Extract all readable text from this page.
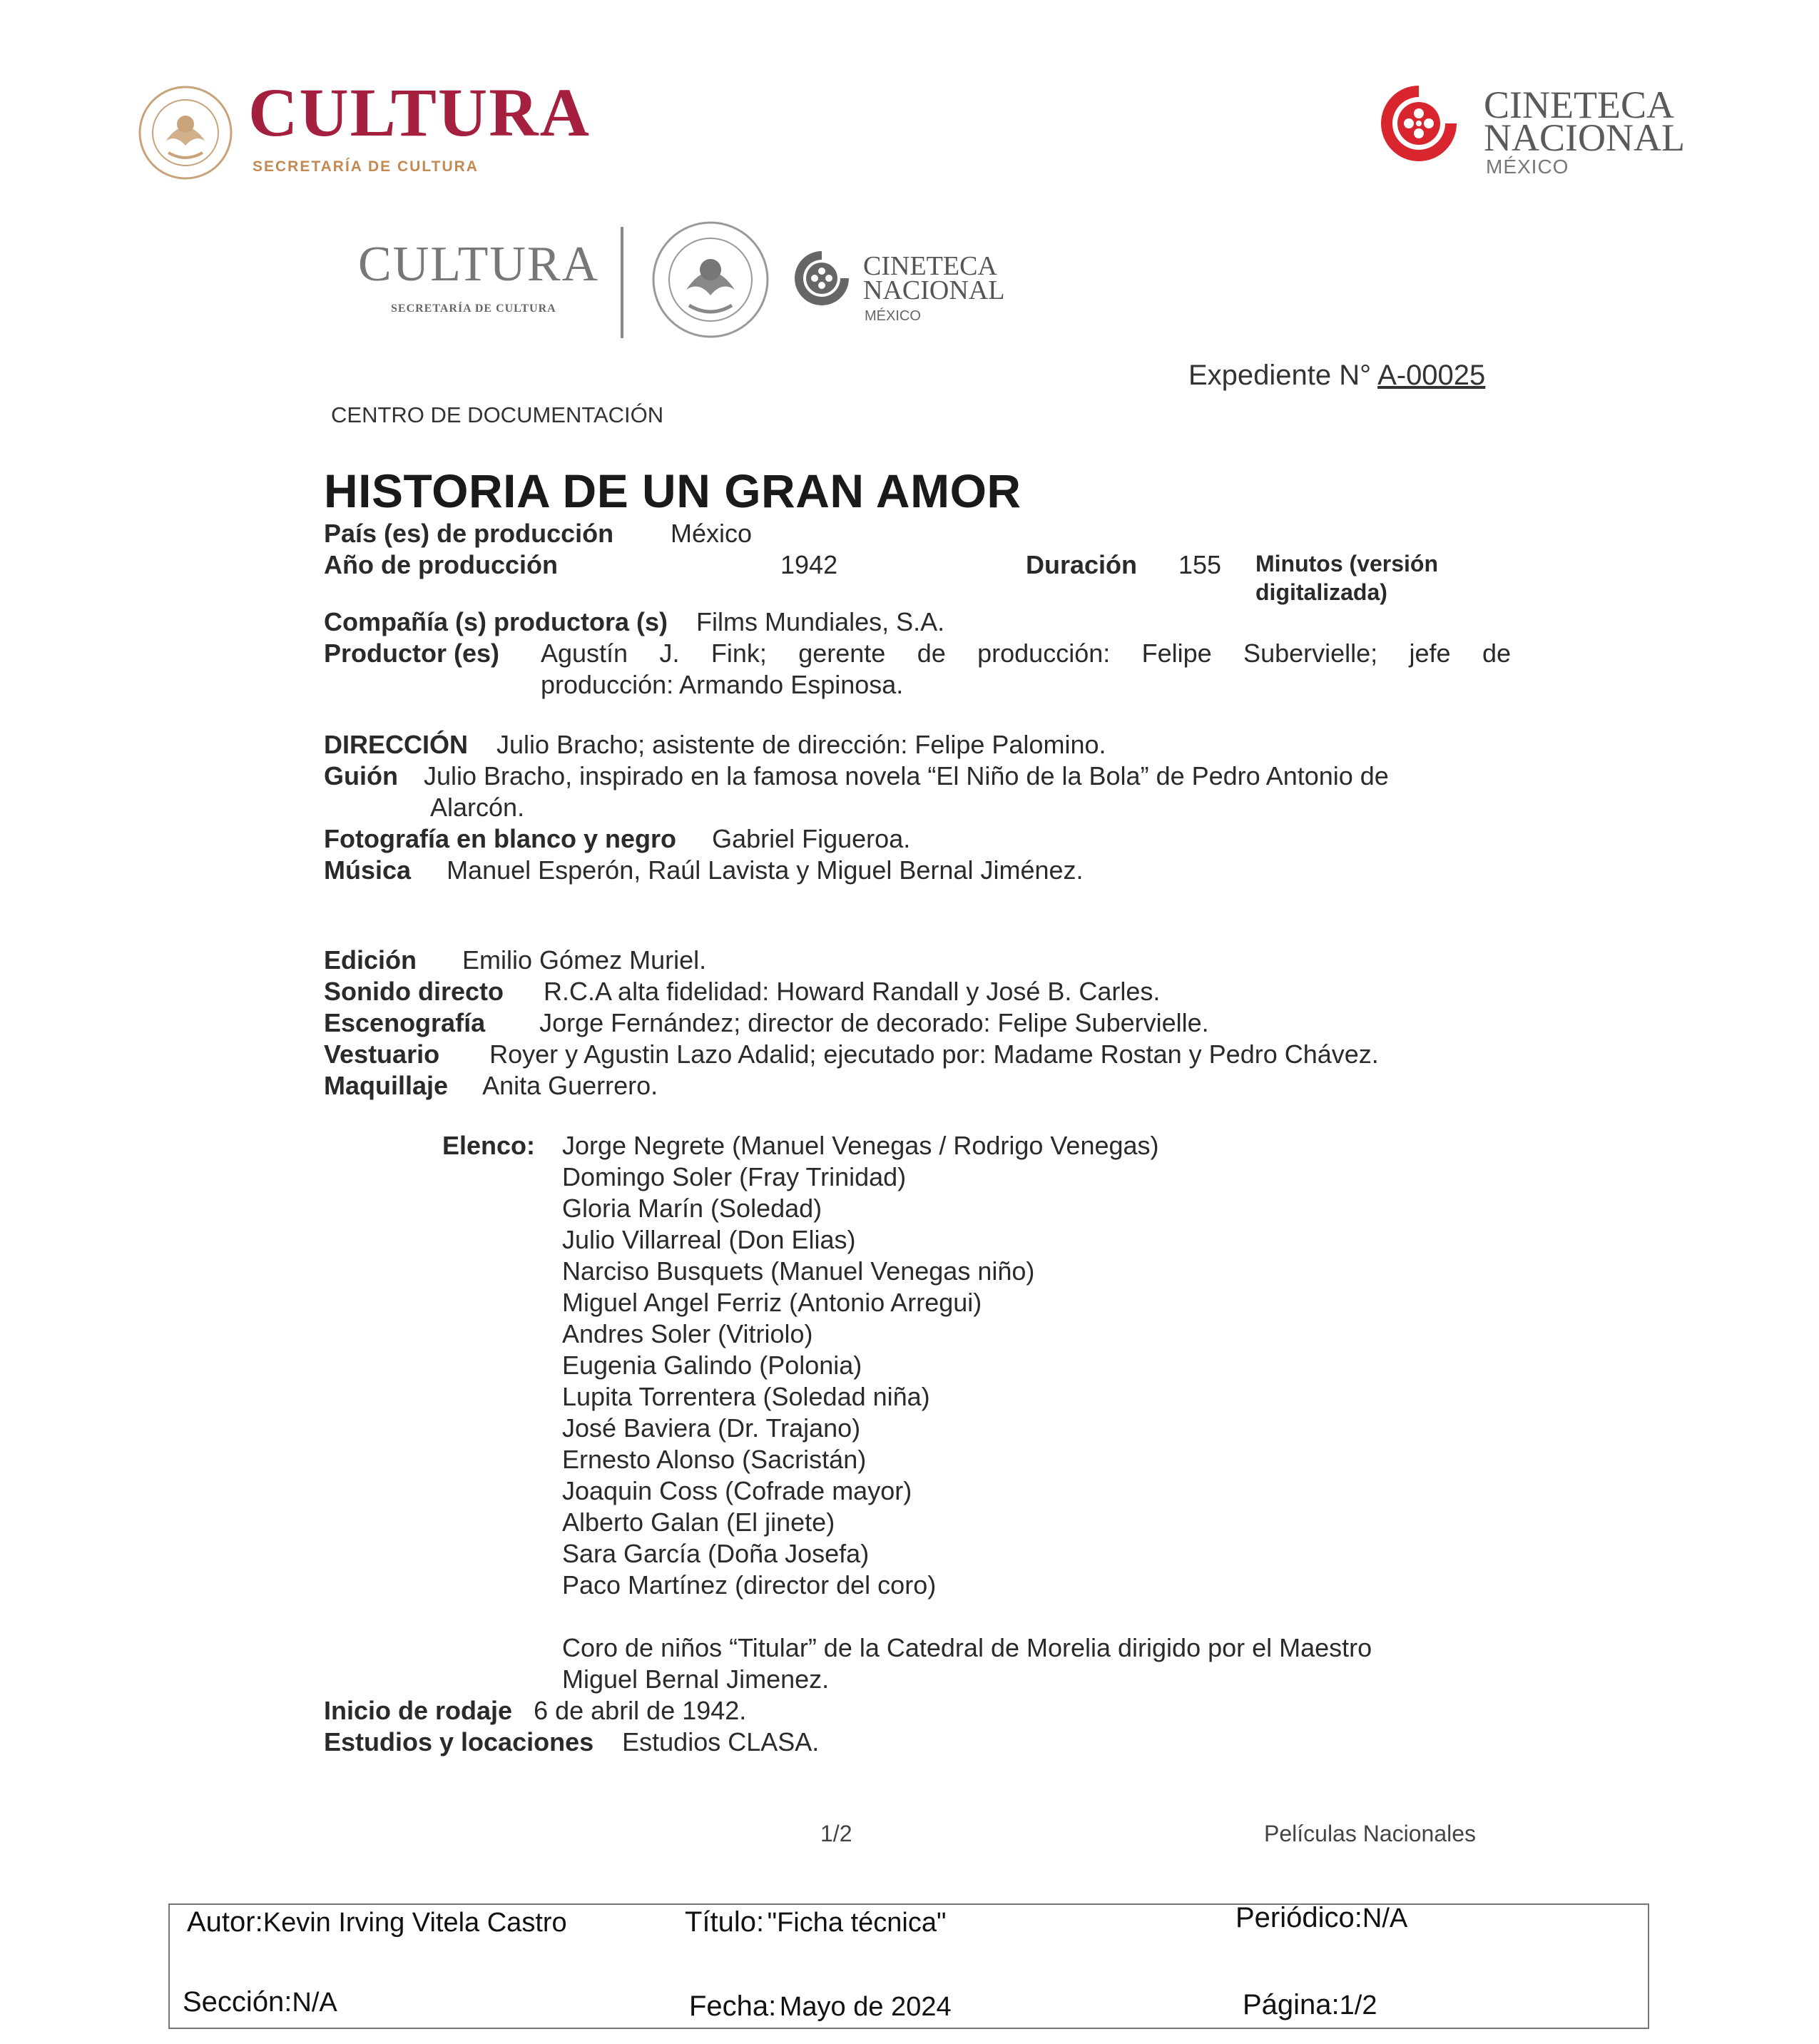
CULTURA
SECRETARÍA DE CULTURA
CINETECA
NACIONAL
MÉXICO
CULTURA
SECRETARÍA DE CULTURA
CINETECA
NACIONAL
MÉXICO
Expediente N° A-00025
CENTRO DE DOCUMENTACIÓN
HISTORIA DE UN GRAN AMOR
País (es) de producción México
Año de producción	1942	Duración 155 Minutos (versión
digitalizada)
Compañía (s) productora (s) Films Mundiales, S.A.
Productor (es) Agustín J. Fink; gerente de producción: Felipe Subervielle; jefe de
producción: Armando Espinosa.
DIRECCIÓN Julio Bracho; asistente de dirección: Felipe Palomino.
Guión Julio Bracho, inspirado en la famosa novela “El Niño de la Bola” de Pedro Antonio de
Alarcón.
Fotografía en blanco y negro Gabriel Figueroa.
Música Manuel Esperón, Raúl Lavista y Miguel Bernal Jiménez.
Edición Emilio Gómez Muriel.
Sonido directo R.C.A alta fidelidad: Howard Randall y José B. Carles.
Escenografía Jorge Fernández; director de decorado: Felipe Subervielle.
Vestuario Royer y Agustin Lazo Adalid; ejecutado por: Madame Rostan y Pedro Chávez.
Maquillaje Anita Guerrero.
Elenco: Jorge Negrete (Manuel Venegas / Rodrigo Venegas)
Domingo Soler (Fray Trinidad)
Gloria Marín (Soledad)
Julio Villarreal (Don Elias)
Narciso Busquets (Manuel Venegas niño)
Miguel Angel Ferriz (Antonio Arregui)
Andres Soler (Vitriolo)
Eugenia Galindo (Polonia)
Lupita Torrentera (Soledad niña)
José Baviera (Dr. Trajano)
Ernesto Alonso (Sacristán)
Joaquin Coss (Cofrade mayor)
Alberto Galan (El jinete)
Sara García (Doña Josefa)
Paco Martínez (director del coro)
Coro de niños “Titular” de la Catedral de Morelia dirigido por el Maestro
Miguel Bernal Jimenez.
Inicio de rodaje 6 de abril de 1942.
Estudios y locaciones Estudios CLASA.
1/2	Películas Nacionales
Autor:Kevin Irving Vitela Castro	Título: "Ficha técnica"	Periódico:N/A
Sección:N/A	Fecha: Mayo de 2024	Página:1/2
